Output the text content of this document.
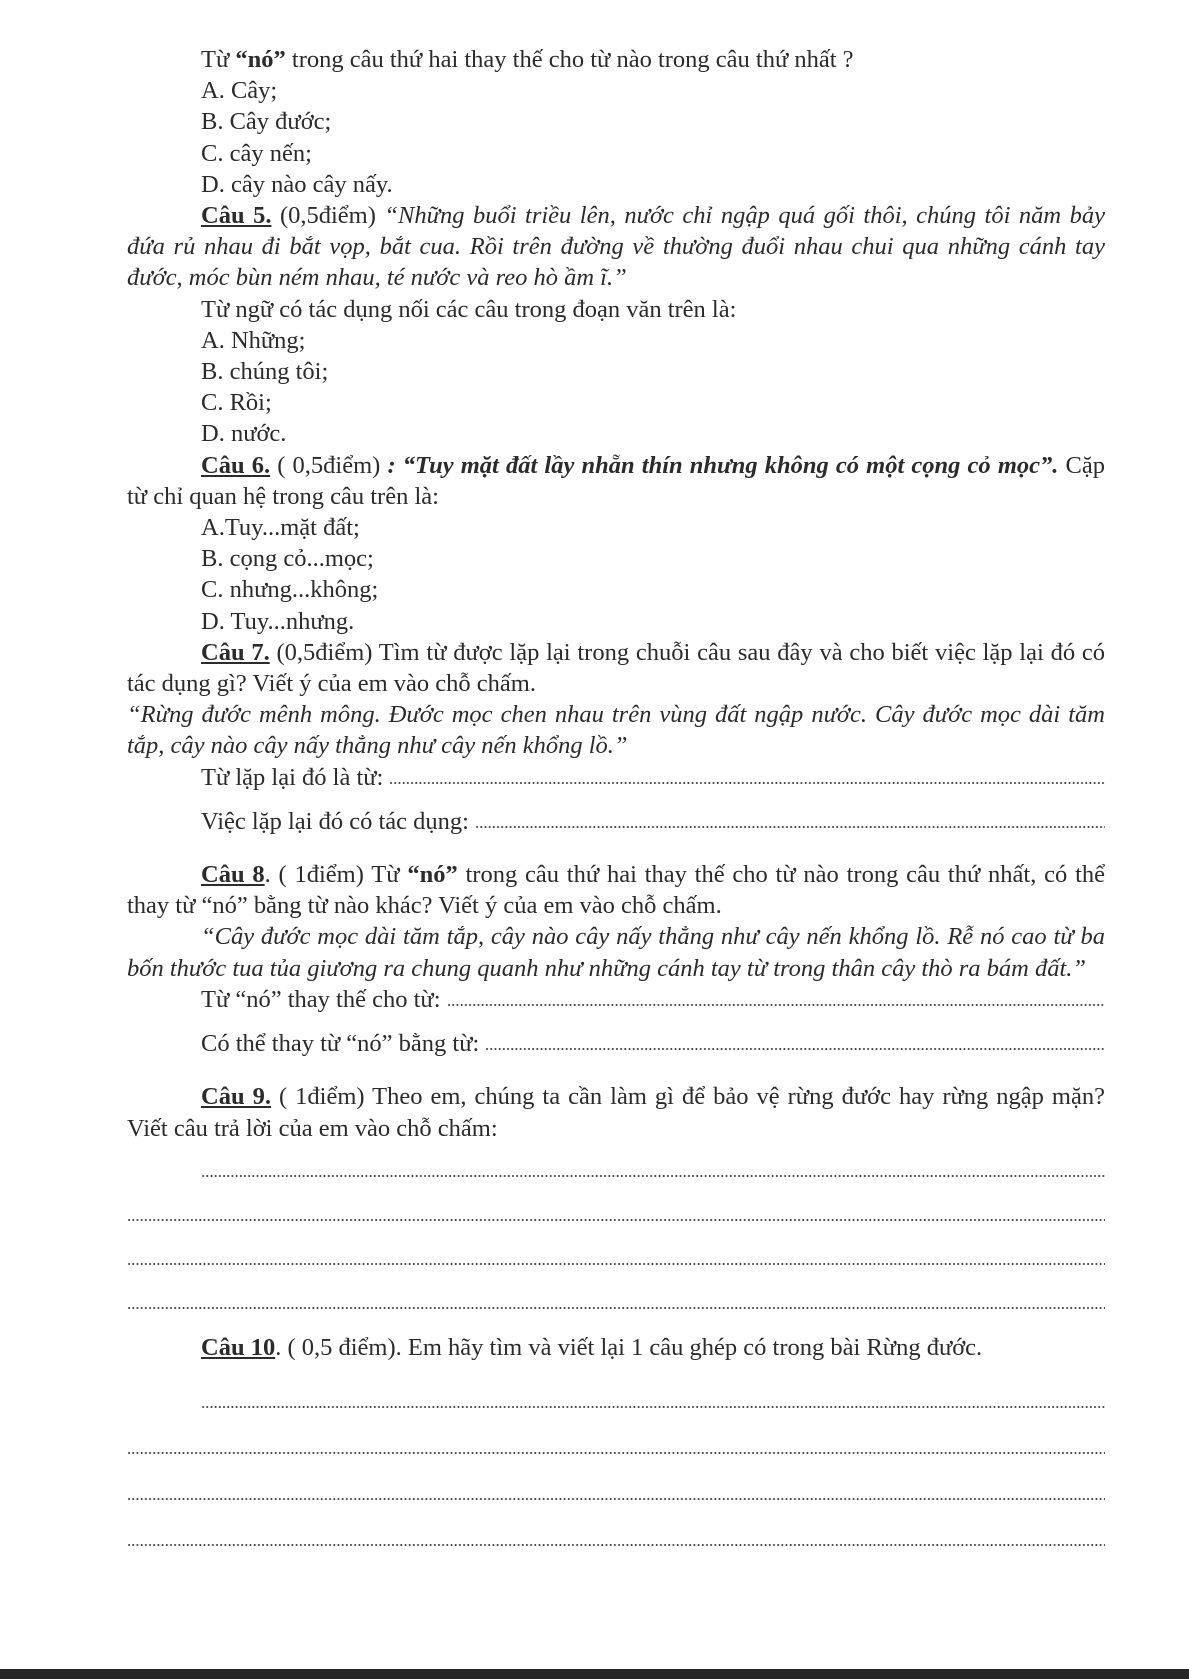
Từ “nó” trong câu thứ hai thay thế cho từ nào trong câu thứ nhất ?

A. Cây;

B. Cây đước;

C. cây nến;

D. cây nào cây nấy.

Câu 5. (0,5điểm) “Những buổi triều lên, nước chỉ ngập quá gối thôi, chúng tôi năm bảy đứa rủ nhau đi bắt vọp, bắt cua. Rồi trên đường về thường đuổi nhau chui qua những cánh tay đước, móc bùn ném nhau, té nước và reo hò ầm ĩ.”

Từ ngữ có tác dụng nối các câu trong đoạn văn trên là:

A. Những;

B. chúng tôi;

C. Rồi;

D. nước.

Câu 6. ( 0,5điểm) : “Tuy mặt đất lầy nhẵn thín nhưng không có một cọng cỏ mọc”. Cặp từ chỉ quan hệ trong câu trên là:

A.Tuy...mặt đất;

B. cọng cỏ...mọc;

C. nhưng...không;

D. Tuy...nhưng.

Câu 7. (0,5điểm) Tìm từ được lặp lại trong chuỗi câu sau đây và cho biết việc lặp lại đó có tác dụng gì? Viết ý của em vào chỗ chấm.

“Rừng đước mênh mông. Đước mọc chen nhau trên vùng đất ngập nước. Cây đước mọc dài tăm tắp, cây nào cây nấy thẳng như cây nến khổng lồ.”

Từ lặp lại đó là từ:

Việc lặp lại đó có tác dụng:

Câu 8. ( 1điểm) Từ “nó” trong câu thứ hai thay thế cho từ nào trong câu thứ nhất, có thể thay từ “nó” bằng từ nào khác? Viết ý của em vào chỗ chấm.

“Cây đước mọc dài tăm tắp, cây nào cây nấy thẳng như cây nến khổng lồ. Rễ nó cao từ ba bốn thước tua tủa giương ra chung quanh như những cánh tay từ trong thân cây thò ra bám đất.”

Từ “nó” thay thế cho từ:

Có thể thay từ “nó” bằng từ:

Câu 9. ( 1điểm) Theo em, chúng ta cần làm gì để bảo vệ rừng đước hay rừng ngập mặn? Viết câu trả lời của em vào chỗ chấm:

Câu 10. ( 0,5 điểm). Em hãy tìm và viết lại 1 câu ghép có trong bài Rừng đước.
